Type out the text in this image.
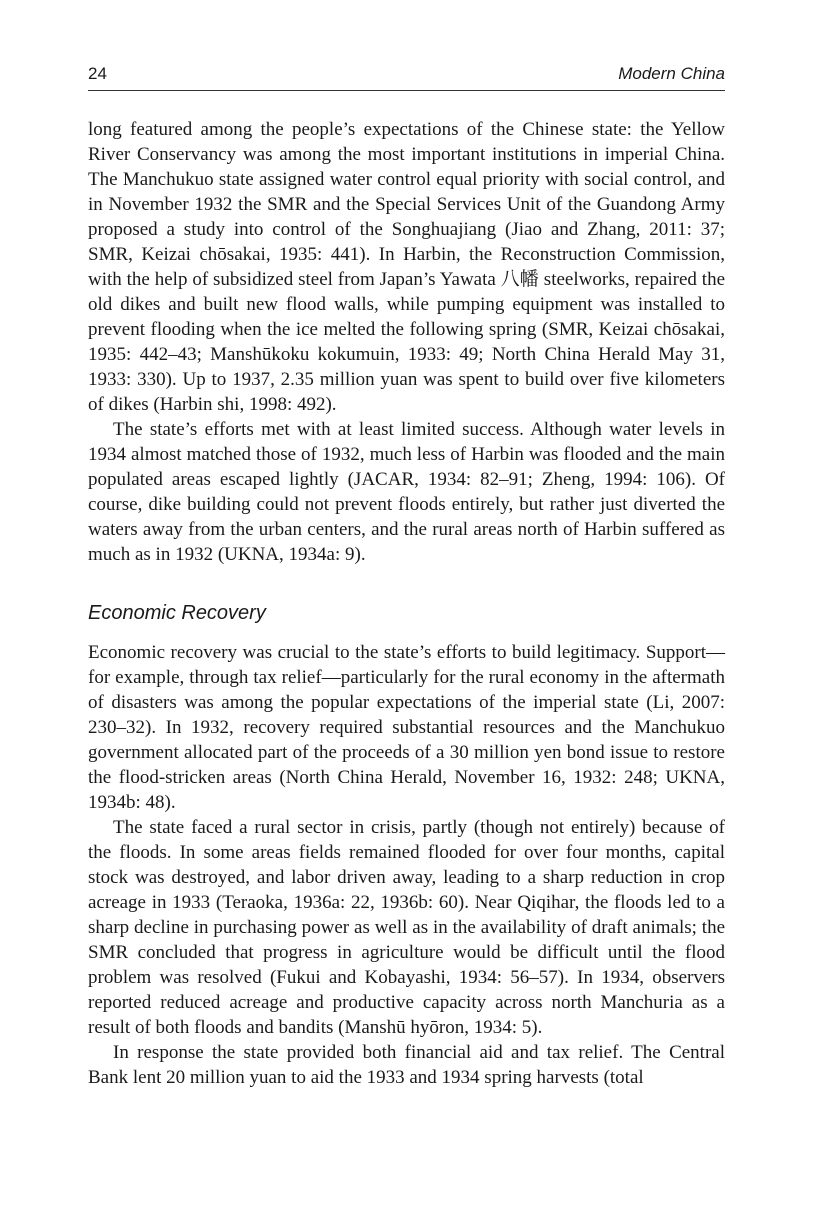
24	Modern China

long featured among the people’s expectations of the Chinese state: the Yellow River Conservancy was among the most important institutions in imperial China. The Manchukuo state assigned water control equal priority with social control, and in November 1932 the SMR and the Special Services Unit of the Guandong Army proposed a study into control of the Songhuajiang (Jiao and Zhang, 2011: 37; SMR, Keizai chōsakai, 1935: 441). In Harbin, the Reconstruction Commission, with the help of subsidized steel from Japan’s Yawata 八幡 steelworks, repaired the old dikes and built new flood walls, while pumping equipment was installed to prevent flooding when the ice melted the following spring (SMR, Keizai chōsakai, 1935: 442–43; Manshūkoku kokumuin, 1933: 49; North China Herald May 31, 1933: 330). Up to 1937, 2.35 million yuan was spent to build over five kilometers of dikes (Harbin shi, 1998: 492).

The state’s efforts met with at least limited success. Although water levels in 1934 almost matched those of 1932, much less of Harbin was flooded and the main populated areas escaped lightly (JACAR, 1934: 82–91; Zheng, 1994: 106). Of course, dike building could not prevent floods entirely, but rather just diverted the waters away from the urban centers, and the rural areas north of Harbin suffered as much as in 1932 (UKNA, 1934a: 9).

Economic Recovery

Economic recovery was crucial to the state’s efforts to build legitimacy. Support—for example, through tax relief—particularly for the rural economy in the aftermath of disasters was among the popular expectations of the imperial state (Li, 2007: 230–32). In 1932, recovery required substantial resources and the Manchukuo government allocated part of the proceeds of a 30 million yen bond issue to restore the flood-stricken areas (North China Herald, November 16, 1932: 248; UKNA, 1934b: 48).

The state faced a rural sector in crisis, partly (though not entirely) because of the floods. In some areas fields remained flooded for over four months, capital stock was destroyed, and labor driven away, leading to a sharp reduction in crop acreage in 1933 (Teraoka, 1936a: 22, 1936b: 60). Near Qiqihar, the floods led to a sharp decline in purchasing power as well as in the availability of draft animals; the SMR concluded that progress in agriculture would be difficult until the flood problem was resolved (Fukui and Kobayashi, 1934: 56–57). In 1934, observers reported reduced acreage and productive capacity across north Manchuria as a result of both floods and bandits (Manshū hyōron, 1934: 5).

In response the state provided both financial aid and tax relief. The Central Bank lent 20 million yuan to aid the 1933 and 1934 spring harvests (total
